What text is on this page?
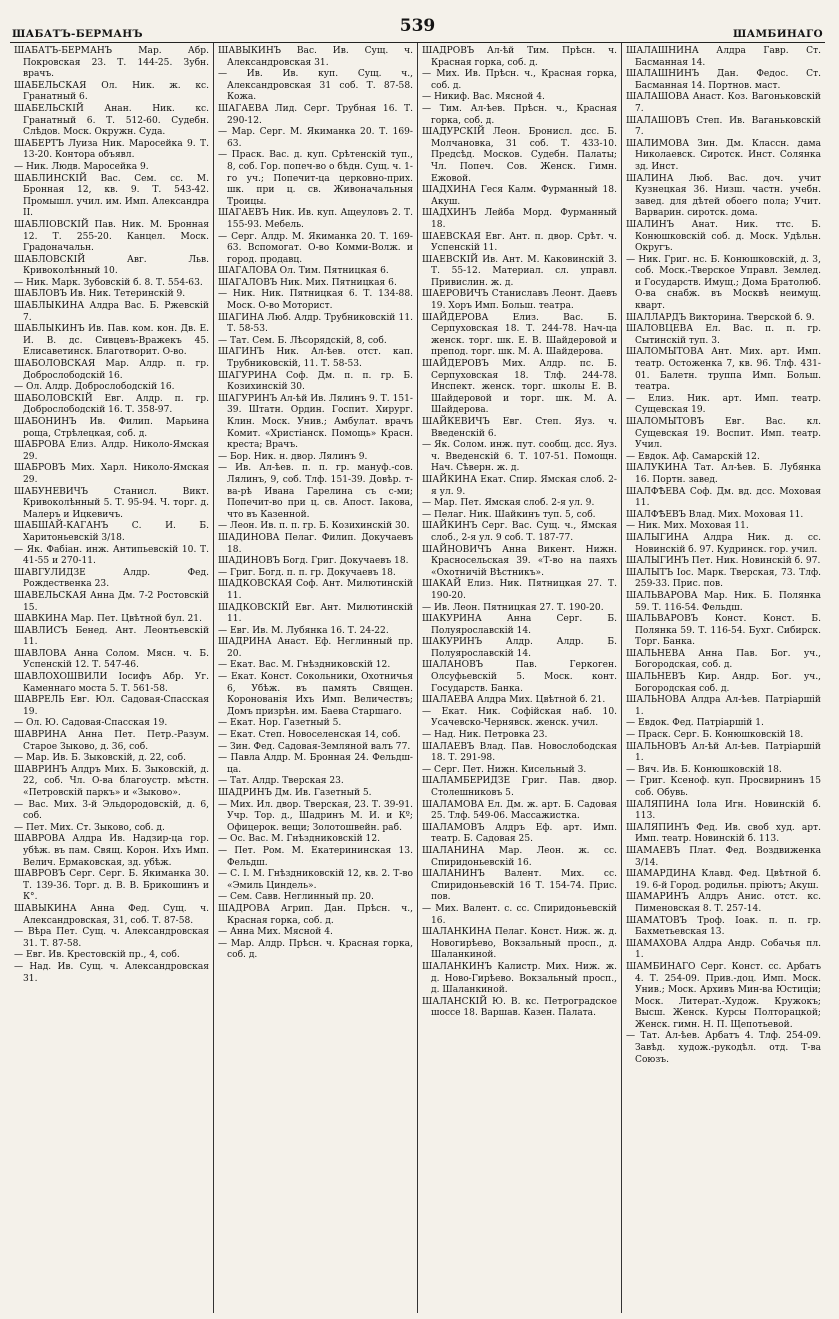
ШАБАТЪ-БЕРМАНЪ	539	ШАМБИНАГО

ШАБАТЪ-БЕРМАНЪ Мар. Абр. Покровская 23. Т. 144-25. Зубн. врачъ.

ШАБЕЛЬСКАЯ Ол. Ник. ж. кс. Гранатный 6.

ШАБЕЛЬСКІЙ Анан. Ник. кс. Гранатный 6. Т. 512-60. Судебн. Слѣдов. Моск. Окружн. Суда.

ШАБЕРТЪ Луиза Ник. Маросейка 9. Т. 13-20. Контора объявл.

— Ник. Людв. Маросейка 9.

ШАБЛИНСКІЙ Вас. Сем. сс. М. Бронная 12, кв. 9. Т. 543-42. Промышл. учил. им. Имп. Александра II.

ШАБЛІОВСКІЙ Пав. Ник. М. Бронная 12. Т. 255-20. Канцел. Моск. Градоначальн.

ШАБЛОВСКІЙ Авг. Льв. Кривоколѣнный 10.

— Ник. Марк. Зубовскій б. 8. Т. 554-63.

ШАБЛОВЪ Ив. Ник. Тетеринскій 9.

ШАБЛЫКИНА Алдра Вас. Б. Ржевскій 7.

ШАБЛЫКИНЪ Ив. Пав. ком. кон. Дв. Е. И. В. дс. Сивцевъ-Вражекъ 45. Елисаветинск. Благотворит. О-во.

ШАБОЛОВСКАЯ Мар. Алдр. п. гр. Доброслободскій 16.

— Ол. Алдр. Доброслободскій 16.

ШАБОЛОВСКІЙ Евг. Алдр. п. гр. Доброслободскій 16. Т. 358-97.

ШАБОНИНЪ Ив. Филип. Марьина роща, Стрѣлецкая, соб. д.

ШАБРОВА Елиз. Алдр. Николо-Ямская 29.

ШАБРОВЪ Мих. Харл. Николо-Ямская 29.

ШАБУНЕВИЧЪ Станисл. Викт. Кривоколѣнный 5. Т. 95-94. Ч. торг. д. Малеръ и Ицкевичъ.

ШАБШАЙ-КАГАНЪ С. И. Б. Харитоньевскій 3/18.

— Як. Фабіан. инж. Антипьевскій 10. Т. 41-55 и 270-11.

ШАВГУЛИДЗЕ Алдр. Фед. Рождественка 23.

ШАВЕЛЬСКАЯ Анна Дм. 7-2 Ростовскій 15.

ШАВКИНА Мар. Пет. Цвѣтной бул. 21.

ШАВЛИСЪ Бенед. Ант. Леонтьевскій 11.

ШАВЛОВА Анна Солом. Мясн. ч. Б. Успенскій 12. Т. 547-46.

ШАВЛОХОШВИЛИ Іосифъ Абр. Уг. Каменнаго моста 5. Т. 561-58.

ШАВРЕЛЬ Евг. Юл. Садовая-Спасская 19.

— Ол. Ю. Садовая-Спасская 19.

ШАВРИНА Анна Пет. Петр.-Разум. Старое Зыково, д. 36, соб.

— Мар. Ив. Б. Зыковскій, д. 22, соб.

ШАВРИНЪ Алдръ Мих. Б. Зыковскій, д. 22, соб. Чл. О-ва благоустр. мѣстн. «Петровскій паркъ» и «Зыково».

— Вас. Мих. 3-й Эльдородовскій, д. 6, соб.

— Пет. Мих. Ст. Зыково, соб. д.

ШАВРОВА Алдра Ив. Надзир-ца гор. убѣж. въ пам. Свящ. Корон. Ихъ Имп. Велич. Ермаковская, зд. убѣж.

ШАВРОВЪ Серг. Серг. Б. Якиманка 30. Т. 139-36. Торг. д. В. В. Брикошинъ и К°.

ШАВЫКИНА Анна Фед. Сущ. ч. Александровская, 31, соб. Т. 87-58.

— Вѣра Пет. Сущ. ч. Александровская 31. Т. 87-58.

— Евг. Ив. Крестовскій пр., 4, соб.

— Над. Ив. Сущ. ч. Александровская 31.

ШАВЫКИНЪ Вас. Ив. Сущ. ч. Александровская 31.

— Ив. Ив. куп. Сущ. ч., Александровская 31 соб. Т. 87-58. Кожа.

ШАГАЕВА Лид. Серг. Трубная 16. Т. 290-12.

— Мар. Серг. М. Якиманка 20. Т. 169-63.

— Праск. Вас. д. куп. Срѣтенскій туп., 8, соб. Гор. попеч-во о бѣдн. Сущ. ч. 1-го уч.; Попечит-ца церковно-прих. шк. при ц. св. Живоначальныя Троицы.

ШАГАЕВЪ Ник. Ив. куп. Ащеуловъ 2. Т. 155-93. Мебель.

— Серг. Алдр. М. Якиманка 20. Т. 169-63. Вспомогат. О-во Комми-Волж. и город. продавц.

ШАГАЛОВА Ол. Тим. Пятницкая 6.

ШАГАЛОВЪ Ник. Мих. Пятницкая 6.

— Ник. Ник. Пятницкая 6. Т. 134-88. Моск. О-во Моторист.

ШАГИНА Люб. Алдр. Трубниковскій 11. Т. 58-53.

— Тат. Сем. Б. Лѣсорядскій, 8, соб.

ШАГИНЪ Ник. Ал-ѣев. отст. кап. Трубниковскій, 11. Т. 58-53.

ШАГУРИНА Соф. Дм. п. п. гр. Б. Козихинскій 30.

ШАГУРИНЪ Ал-ѣй Ив. Лялинъ 9. Т. 151-39. Штатн. Ордин. Госпит. Хирург. Клин. Моск. Унив.; Амбулат. врачъ Комит. «Христіанск. Помощь» Красн. креста; Врачъ.

— Бор. Ник. н. двор. Лялинъ 9.

— Ив. Ал-ѣев. п. п. гр. мануф.-сов. Лялинъ, 9, соб. Тлф. 151-39. Довѣр. т-ва-рѣ Ивана Гарелина съ с-ми; Попечит-во при ц. св. Апост. Іакова, что въ Казенной.

— Леон. Ив. п. п. гр. Б. Козихинскій 30.

ШАДИНОВА Пелаг. Филип. Докучаевъ 18.

ШАДИНОВЪ Богд. Григ. Докучаевъ 18.

— Григ. Богд. п. п. гр. Докучаевъ 18.

ШАДКОВСКАЯ Соф. Ант. Милютинскій 11.

ШАДКОВСКІЙ Евг. Ант. Милютинскій 11.

— Евг. Ив. М. Лубянка 16. Т. 24-22.

ШАДРИНА Анаст. Еф. Неглинный пр. 20.

— Екат. Вас. М. Гнѣздниковскій 12.

— Екат. Конст. Сокольники, Охотничья 6, Убѣж. въ память Священ. Коронованія Ихъ Имп. Величествъ; Домъ призрѣн. им. Баева Старшаго.

— Екат. Нор. Газетный 5.

— Екат. Степ. Новоселенская 14, соб.

— Зин. Фед. Садовая-Земляной валъ 77.

— Павла Алдр. М. Бронная 24. Фельдш-ца.

— Тат. Алдр. Тверская 23.

ШАДРИНЪ Дм. Ив. Газетный 5.

— Мих. Ил. двор. Тверская, 23. Т. 39-91. Учр. Тор. д., Шадринъ М. И. и Кº; Офицерок. вещи; Золотошвейн. раб.

— Ос. Вас. М. Гнѣздниковскій 12.

— Пет. Ром. М. Екатерининская 13. Фельдш.

— С. I. М. Гнѣздниковскій 12, кв. 2. Т-во «Эмиль Циндель».

— Сем. Савв. Неглинный пр. 20.

ШАДРОВА Агрип. Дан. Прѣсн. ч., Красная горка, соб. д.

— Анна Мих. Мясной 4.

— Мар. Алдр. Прѣсн. ч. Красная горка, соб. д.

ШАДРОВЪ Ал-ѣй Тим. Прѣсн. ч. Красная горка, соб. д.

— Мих. Ив. Прѣсн. ч., Красная горка, соб. д.

— Никиф. Вас. Мясной 4.

— Тим. Ал-ѣев. Прѣсн. ч., Красная горка, соб. д.

ШАДУРСКІЙ Леон. Бронисл. дсс. Б. Молчановка, 31 соб. Т. 433-10. Предсѣд. Москов. Судебн. Палаты; Чл. Попеч. Сов. Женск. Гимн. Ежовой.

ШАДХИНА Геся Калм. Фурманный 18. Акуш.

ШАДХИНЪ Лейба Морд. Фурманный 18.

ШАЕВСКАЯ Евг. Ант. п. двор. Срѣт. ч. Успенскій 11.

ШАЕВСКІЙ Ив. Ант. М. Каковинскій 3. Т. 55-12. Материал. сл. управл. Привислин. ж. д.

ШАЕРОВИЧЪ Станиславъ Леонт. Даевъ 19. Хоръ Имп. Больш. театра.

ШАЙДЕРОВА Елиз. Вас. Б. Серпуховская 18. Т. 244-78. Нач-ца женск. торг. шк. Е. В. Шайдеровой и препод. торг. шк. М. А. Шайдерова.

ШАЙДЕРОВЪ Мих. Алдр. пс. Б. Серпуховская 18. Тлф. 244-78. Инспект. женск. торг. школы Е. В. Шайдеровой и торг. шк. М. А. Шайдерова.

ШАЙКЕВИЧЪ Евг. Степ. Яуз. ч. Введенскій 6.

— Як. Солом. инж. пут. сообщ. дсс. Яуз. ч. Введенскій 6. Т. 107-51. Помощн. Нач. Сѣверн. ж. д.

ШАЙКИНА Екат. Спир. Ямская слоб. 2-я ул. 9.

— Мар. Пет. Ямская слоб. 2-я ул. 9.

— Пелаг. Ник. Шайкинъ туп. 5, соб.

ШАЙКИНЪ Серг. Вас. Сущ. ч., Ямская слоб., 2-я ул. 9 соб. Т. 187-77.

ШАЙНОВИЧЪ Анна Викент. Нижн. Красносельская 39. «Т-во на паяхъ «Охотничій Вѣстникъ».

ШАКАЙ Елиз. Ник. Пятницкая 27. Т. 190-20.

— Ив. Леон. Пятницкая 27. Т. 190-20.

ШАКУРИНА Анна Серг. Б. Полуярославскій 14.

ШАКУРИНЪ Алдр. Алдр. Б. Полуярославскій 14.

ШАЛАНОВЪ Пав. Геркоген. Олсуфьевскій 5. Моск. конт. Государств. Банка.

ШАЛАЕВА Алдра Мих. Цвѣтной б. 21.

— Екат. Ник. Софійская наб. 10. Усачевско-Чернявск. женск. учил.

— Над. Ник. Петровка 23.

ШАЛАЕВЪ Влад. Пав. Новослободская 18. Т. 291-98.

— Серг. Пет. Нижн. Кисельный 3.

ШАЛАМБЕРИДЗЕ Григ. Пав. двор. Столешниковъ 5.

ШАЛАМОВА Ел. Дм. ж. арт. Б. Садовая 25. Тлф. 549-06. Массажистка.

ШАЛАМОВЪ Алдръ Еф. арт. Имп. театр. Б. Садовая 25.

ШАЛАНИНА Мар. Леон. ж. сс. Спиридоньевскій 16.

ШАЛАНИНЪ Валент. Мих. сс. Спиридоньевскій 16 Т. 154-74. Прис. пов.

— Мих. Валент. с. сс. Спиридоньевскій 16.

ШАЛАНКИНА Пелаг. Конст. Ниж. ж. д. Новогирѣево, Вокзальный просп., д. Шаланкиной.

ШАЛАНКИНЪ Калистр. Мих. Ниж. ж. д. Ново-Гирѣево. Вокзальный просп., д. Шаланкиной.

ШАЛАНСКІЙ Ю. В. кс. Петроградское шоссе 18. Варшав. Казен. Палата.

ШАЛАШНИНА Алдра Гавр. Ст. Басманная 14.

ШАЛАШНИНЪ Дан. Федос. Ст. Басманная 14. Портнов. маст.

ШАЛАШОВА Анаст. Коз. Вагоньковскій 7.

ШАЛАШОВЪ Степ. Ив. Ваганьковскій 7.

ШАЛИМОВА Зин. Дм. Классн. дама Николаевск. Сиротск. Инст. Солянка зд. Инст.

ШАЛИНА Люб. Вас. доч. учит Кузнецкая 36. Низш. частн. учебн. завед. для дѣтей обоего пола; Учит. Варварин. сиротск. дома.

ШАЛИНЪ Анат. Ник. ттс. Б. Конюшковскій соб. д. Моск. Удѣльн. Округъ.

— Ник. Григ. нс. Б. Конюшковскій, д. 3, соб. Моск.-Тверское Управл. Землед. и Государств. Имущ.; Дома Братолюб. О-ва снабж. въ Москвѣ неимущ. кварт.

ШАЛЛАРДЪ Викторина. Тверской б. 9.

ШАЛОВЦЕВА Ел. Вас. п. п. гр. Сытинскій туп. 3.

ШАЛОМЫТОВА Ант. Мих. арт. Имп. театр. Остоженка 7, кв. 96. Тлф. 431-01. Балетн. труппа Имп. Больш. театра.

— Елиз. Ник. арт. Имп. театр. Сущевская 19.

ШАЛОМЫТОВЪ Евг. Вас. кл. Сущевская 19. Воспит. Имп. театр. Учил.

— Евдок. Аф. Самарскій 12.

ШАЛУКИНА Тат. Ал-ѣев. Б. Лубянка 16. Портн. завед.

ШАЛФѢЕВА Соф. Дм. вд. дсс. Моховая 11.

ШАЛФѢЕВЪ Влад. Мих. Моховая 11.

— Ник. Мих. Моховая 11.

ШАЛЫГИНА Алдра Ник. д. сс. Новинскій б. 97. Кудринск. гор. учил.

ШАЛЫГИНЪ Пет. Ник. Новинскій б. 97.

ШАЛЫТЪ Іос. Марк. Тверская, 73. Тлф. 259-33. Прис. пов.

ШАЛЬВАРОВА Мар. Ник. Б. Полянка 59. Т. 116-54. Фельдш.

ШАЛЬВАРОВЪ Конст. Конст. Б. Полянка 59. Т. 116-54. Бухг. Сибирск. Торг. Банка.

ШАЛЬНЕВА Анна Пав. Бог. уч., Богородская, соб. д.

ШАЛЬНЕВЪ Кир. Андр. Бог. уч., Богородская соб. д.

ШАЛЬНОВА Алдра Ал-ѣев. Патріаршій 1.

— Евдок. Фед. Патріаршій 1.

— Праск. Серг. Б. Конюшковскій 18.

ШАЛЬНОВЪ Ал-ѣй Ал-ѣев. Патріаршій 1.

— Вяч. Ив. Б. Конюшковскій 18.

— Григ. Ксеноф. куп. Просвирнинъ 15 соб. Обувь.

ШАЛЯПИНА Іола Игн. Новинскій б. 113.

ШАЛЯПИНЪ Фед. Ив. своб худ. арт. Имп. театр. Новинскій б. 113.

ШАМАЕВЪ Плат. Фед. Воздвиженка 3/14.

ШАМАРДИНА Клавд. Фед. Цвѣтной б. 19. 6-й Город. родильн. пріютъ; Акуш.

ШАМАРИНЪ Алдръ Анис. отст. кс. Пименовская 8. Т. 257-14.

ШАМАТОВЪ Троф. Іоак. п. п. гр. Бахметьевская 13.

ШАМАХОВА Алдра Андр. Собачья пл. 1.

ШАМБИНАГО Серг. Конст. сс. Арбатъ 4. Т. 254-09. Прив.-доц. Имп. Моск. Унив.; Моск. Архивъ Мин-ва Юстиціи; Моск. Литерат.-Худож. Кружокъ; Высш. Женск. Курсы Полторацкой; Женск. гимн. Н. П. Щепотьевой.

— Тат. Ал-ѣев. Арбатъ 4. Тлф. 254-09. Завѣд. худож.-рукодѣл. отд. Т-ва Союзъ.
